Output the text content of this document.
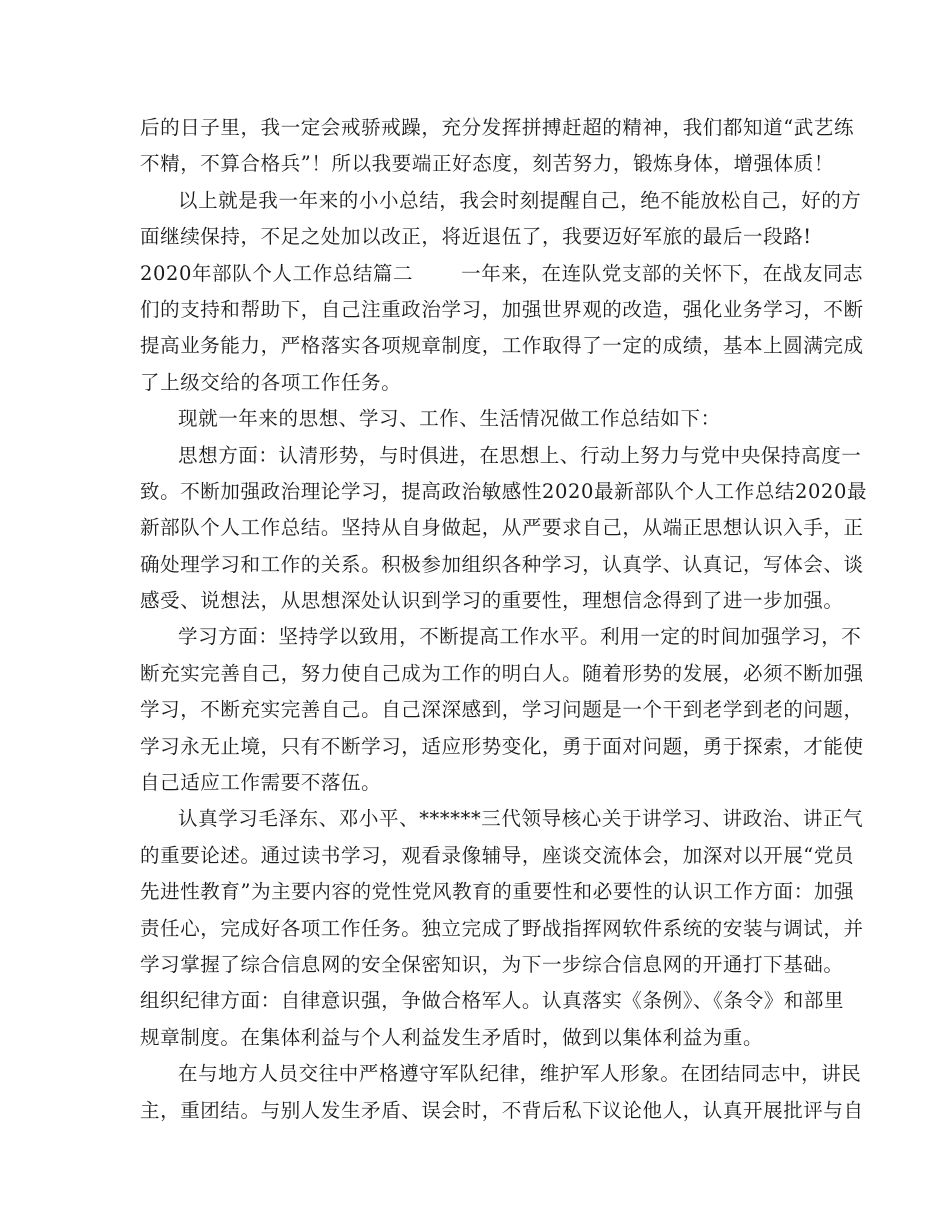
后的日子里，我一定会戒骄戒躁，充分发挥拼搏赶超的精神，我们都知道“武艺练
不精，不算合格兵”！所以我要端正好态度，刻苦努力，锻炼身体，增强体质！
以上就是我一年来的小小总结，我会时刻提醒自己，绝不能放松自己，好的方
面继续保持，不足之处加以改正，将近退伍了，我要迈好军旅的最后一段路!
2020年部队个人工作总结篇二 一年来，在连队党支部的关怀下，在战友同志
们的支持和帮助下，自己注重政治学习，加强世界观的改造，强化业务学习，不断
提高业务能力，严格落实各项规章制度，工作取得了一定的成绩，基本上圆满完成
了上级交给的各项工作任务。
现就一年来的思想、学习、工作、生活情况做工作总结如下：
思想方面：认清形势，与时俱进，在思想上、行动上努力与党中央保持高度一
致。不断加强政治理论学习，提高政治敏感性2020最新部队个人工作总结2020最
新部队个人工作总结。坚持从自身做起，从严要求自己，从端正思想认识入手，正
确处理学习和工作的关系。积极参加组织各种学习，认真学、认真记，写体会、谈
感受、说想法，从思想深处认识到学习的重要性，理想信念得到了进一步加强。
学习方面：坚持学以致用，不断提高工作水平。利用一定的时间加强学习，不
断充实完善自己，努力使自己成为工作的明白人。随着形势的发展，必须不断加强
学习，不断充实完善自己。自己深深感到，学习问题是一个干到老学到老的问题，
学习永无止境，只有不断学习，适应形势变化，勇于面对问题，勇于探索，才能使
自己适应工作需要不落伍。
认真学习毛泽东、邓小平、******三代领导核心关于讲学习、讲政治、讲正气
的重要论述。通过读书学习，观看录像辅导，座谈交流体会，加深对以开展“党员
先进性教育”为主要内容的党性党风教育的重要性和必要性的认识工作方面：加强
责任心，完成好各项工作任务。独立完成了野战指挥网软件系统的安装与调试，并
学习掌握了综合信息网的安全保密知识，为下一步综合信息网的开通打下基础。
组织纪律方面：自律意识强，争做合格军人。认真落实《条例》、《条令》和部里
规章制度。在集体利益与个人利益发生矛盾时，做到以集体利益为重。
在与地方人员交往中严格遵守军队纪律，维护军人形象。在团结同志中，讲民
主，重团结。与别人发生矛盾、误会时，不背后私下议论他人，认真开展批评与自
